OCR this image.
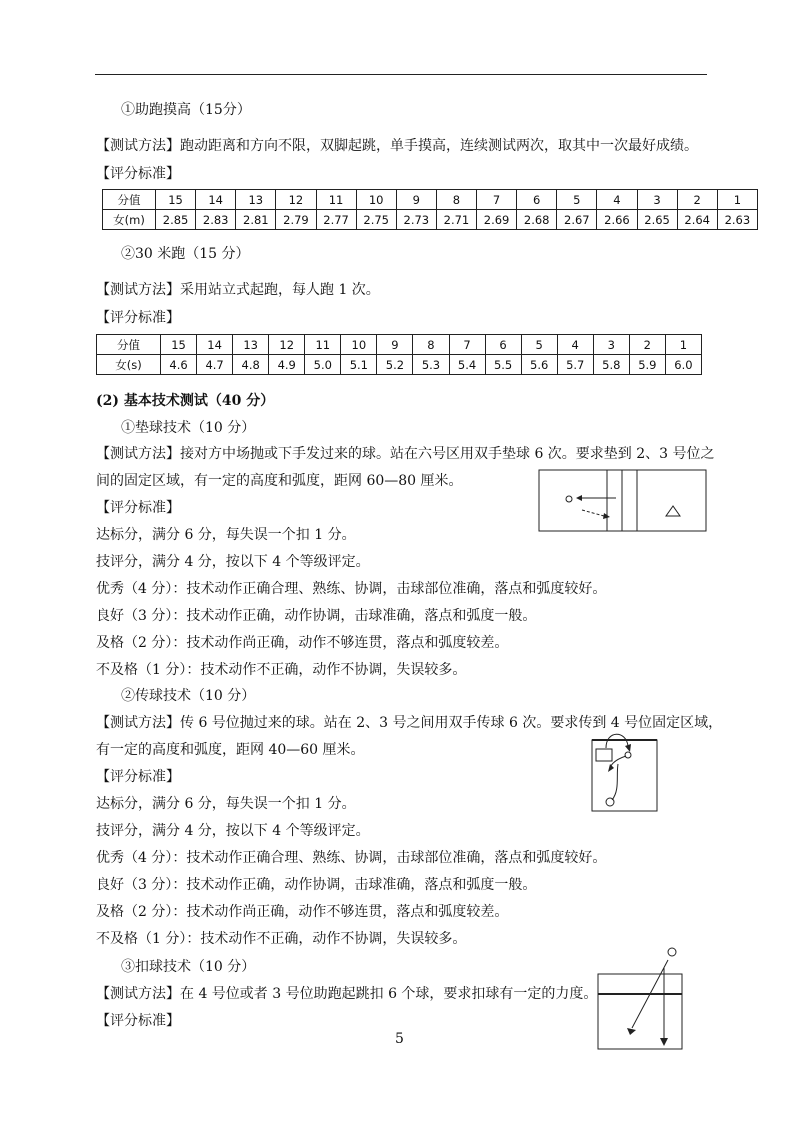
①助跑摸高（15分）
【测试方法】跑动距离和方向不限，双脚起跳，单手摸高，连续测试两次，取其中一次最好成绩。
【评分标准】
分值	15	14	13	12	11	10	9	8	7	6	5	4	3	2	1
女(m)	2.85	2.83	2.81	2.79	2.77	2.75	2.73	2.71	2.69	2.68	2.67	2.66	2.65	2.64	2.63
②30 米跑（15 分）
【测试方法】采用站立式起跑，每人跑 1 次。
【评分标准】
分值	15	14	13	12	11	10	9	8	7	6	5	4	3	2	1
女(s)	4.6	4.7	4.8	4.9	5.0	5.1	5.2	5.3	5.4	5.5	5.6	5.7	5.8	5.9	6.0
(2) 基本技术测试（40 分）
①垫球技术（10 分）
【测试方法】接对方中场抛或下手发过来的球。站在六号区用双手垫球 6 次。要求垫到 2、3 号位之
间的固定区域，有一定的高度和弧度，距网 60—80 厘米。
【评分标准】
达标分，满分 6 分，每失误一个扣 1 分。
技评分，满分 4 分，按以下 4 个等级评定。
优秀（4 分）：技术动作正确合理、熟练、协调，击球部位准确，落点和弧度较好。
良好（3 分）：技术动作正确，动作协调，击球准确，落点和弧度一般。
及格（2 分）：技术动作尚正确，动作不够连贯，落点和弧度较差。
不及格（1 分）：技术动作不正确，动作不协调，失误较多。
②传球技术（10 分）
【测试方法】传 6 号位抛过来的球。站在 2、3 号之间用双手传球 6 次。要求传到 4 号位固定区域，
有一定的高度和弧度，距网 40—60 厘米。
【评分标准】
达标分，满分 6 分，每失误一个扣 1 分。
技评分，满分 4 分，按以下 4 个等级评定。
优秀（4 分）：技术动作正确合理、熟练、协调，击球部位准确，落点和弧度较好。
良好（3 分）：技术动作正确，动作协调，击球准确，落点和弧度一般。
及格（2 分）：技术动作尚正确，动作不够连贯，落点和弧度较差。
不及格（1 分）：技术动作不正确，动作不协调，失误较多。
③扣球技术（10 分）
【测试方法】在 4 号位或者 3 号位助跑起跳扣 6 个球，要求扣球有一定的力度。
【评分标准】
5
